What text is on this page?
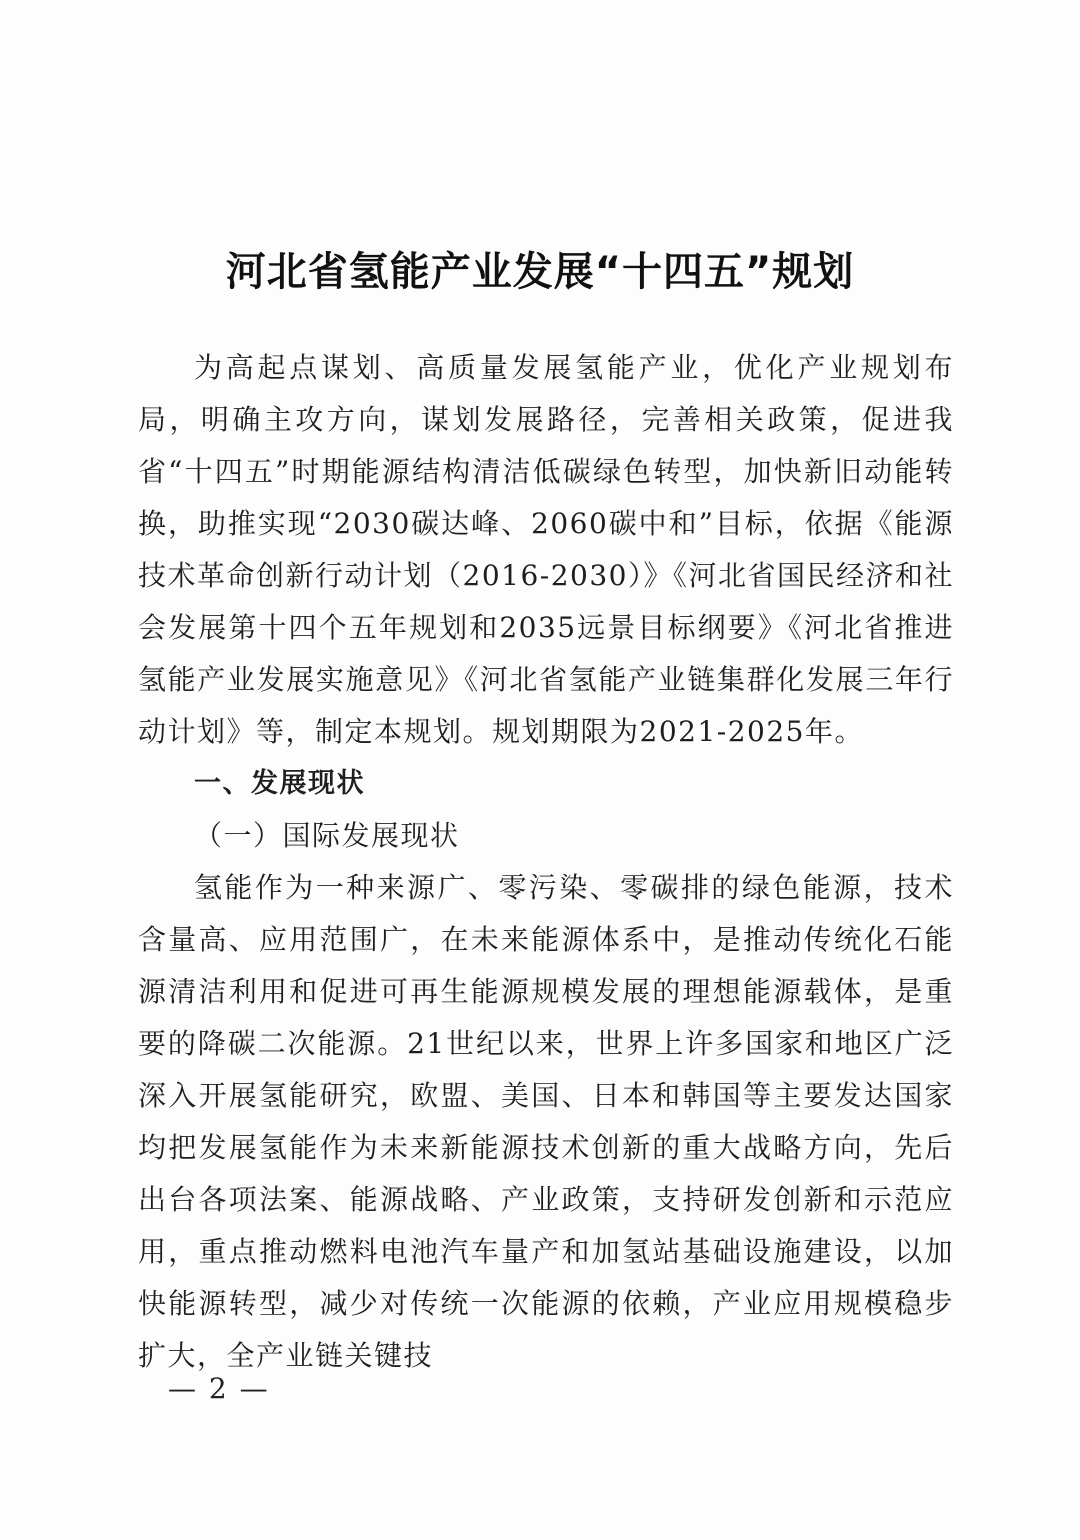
河北省氢能产业发展“十四五”规划

为高起点谋划、高质量发展氢能产业，优化产业规划布局，明确主攻方向，谋划发展路径，完善相关政策，促进我省“十四五”时期能源结构清洁低碳绿色转型，加快新旧动能转换，助推实现“2030碳达峰、2060碳中和”目标，依据《能源技术革命创新行动计划（2016-2030）》《河北省国民经济和社会发展第十四个五年规划和2035远景目标纲要》《河北省推进氢能产业发展实施意见》《河北省氢能产业链集群化发展三年行动计划》等，制定本规划。规划期限为2021-2025年。

一、发展现状

（一）国际发展现状

氢能作为一种来源广、零污染、零碳排的绿色能源，技术含量高、应用范围广，在未来能源体系中，是推动传统化石能源清洁利用和促进可再生能源规模发展的理想能源载体，是重要的降碳二次能源。21世纪以来，世界上许多国家和地区广泛深入开展氢能研究，欧盟、美国、日本和韩国等主要发达国家均把发展氢能作为未来新能源技术创新的重大战略方向，先后出台各项法案、能源战略、产业政策，支持研发创新和示范应用，重点推动燃料电池汽车量产和加氢站基础设施建设，以加快能源转型，减少对传统一次能源的依赖，产业应用规模稳步扩大，全产业链关键技

— 2 —
